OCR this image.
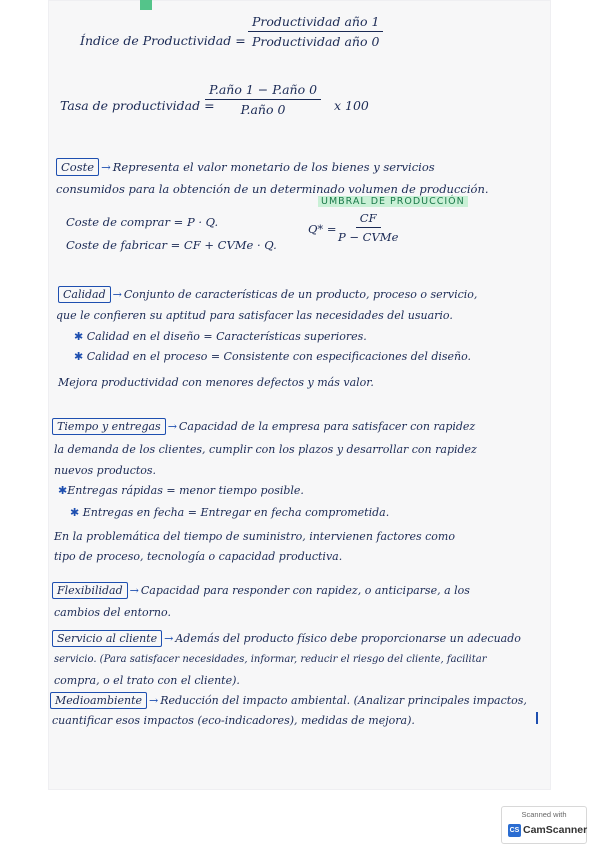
Índice de Productividad =
Productividad año 1
Productividad año 0
Tasa de productividad =
P.año 1 − P.año 0
P.año 0	x 100
Coste → Representa el valor monetario de los bienes y servicios
consumidos para la obtención de un determinado volumen de producción.
UMBRAL DE PRODUCCIÓN
Coste de comprar = P · Q.	Q* =
CF
P − CVMe
Coste de fabricar = CF + CVMe · Q.
Calidad → Conjunto de características de un producto, proceso o servicio,
que le confieren su aptitud para satisfacer las necesidades del usuario.
✱ Calidad en el diseño = Características superiores.
✱ Calidad en el proceso = Consistente con especificaciones del diseño.
Mejora productividad con menores defectos y más valor.
Tiempo y entregas → Capacidad de la empresa para satisfacer con rapidez
la demanda de los clientes, cumplir con los plazos y desarrollar con rapidez
nuevos productos.
✱Entregas rápidas = menor tiempo posible.
✱ Entregas en fecha = Entregar en fecha comprometida.
En la problemática del tiempo de suministro, intervienen factores como
tipo de proceso, tecnología o capacidad productiva.
Flexibilidad → Capacidad para responder con rapidez, o anticiparse, a los
cambios del entorno.
Servicio al cliente → Además del producto físico debe proporcionarse un adecuado
servicio. (Para satisfacer necesidades, informar, reducir el riesgo del cliente, facilitar
compra, o el trato con el cliente).
Medioambiente → Reducción del impacto ambiental. (Analizar principales impactos,
cuantificar esos impactos (eco-indicadores), medidas de mejora).
Scanned with
CS CamScanner
